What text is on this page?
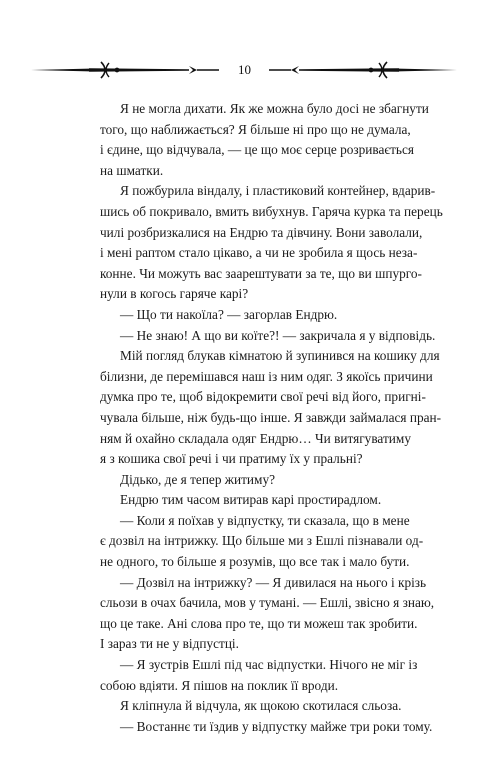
10
Я не могла дихати. Як же можна було досі не збагнути
того, що наближається? Я більше ні про що не думала,
і єдине, що відчувала, — це що моє серце розривається
на шматки.
Я пожбурила віндалу, і пластиковий контейнер, вдарив-
шись об покривало, вмить вибухнув. Гаряча курка та перець
чилі розбризкалися на Ендрю та дівчину. Вони заволали,
і мені раптом стало цікаво, а чи не зробила я щось неза-
конне. Чи можуть вас заарештувати за те, що ви шпурго-
нули в когось гаряче карі?
— Що ти накоїла? — загорлав Ендрю.
— Не знаю! А що ви коїте?! — закричала я у відповідь.
Мій погляд блукав кімнатою й зупинився на кошику для
білизни, де перемішався наш із ним одяг. З якоїсь причини
думка про те, щоб відокремити свої речі від його, пригні-
чувала більше, ніж будь-що інше. Я завжди займалася пран-
ням й охайно складала одяг Ендрю… Чи витягуватиму
я з кошика свої речі і чи пратиму їх у пральні?
Дідько, де я тепер житиму?
Ендрю тим часом витирав карі простирадлом.
— Коли я поїхав у відпустку, ти сказала, що в мене
є дозвіл на інтрижку. Що більше ми з Ешлі пізнавали од-
не одного, то більше я розумів, що все так і мало бути.
— Дозвіл на інтрижку? — Я дивилася на нього і крізь
сльози в очах бачила, мов у тумані. — Ешлі, звісно я знаю,
що це таке. Ані слова про те, що ти можеш так зробити.
І зараз ти не у відпустці.
— Я зустрів Ешлі під час відпустки. Нічого не міг із
собою вдіяти. Я пішов на поклик її вроди.
Я кліпнула й відчула, як щокою скотилася сльоза.
— Востаннє ти їздив у відпустку майже три роки тому.
